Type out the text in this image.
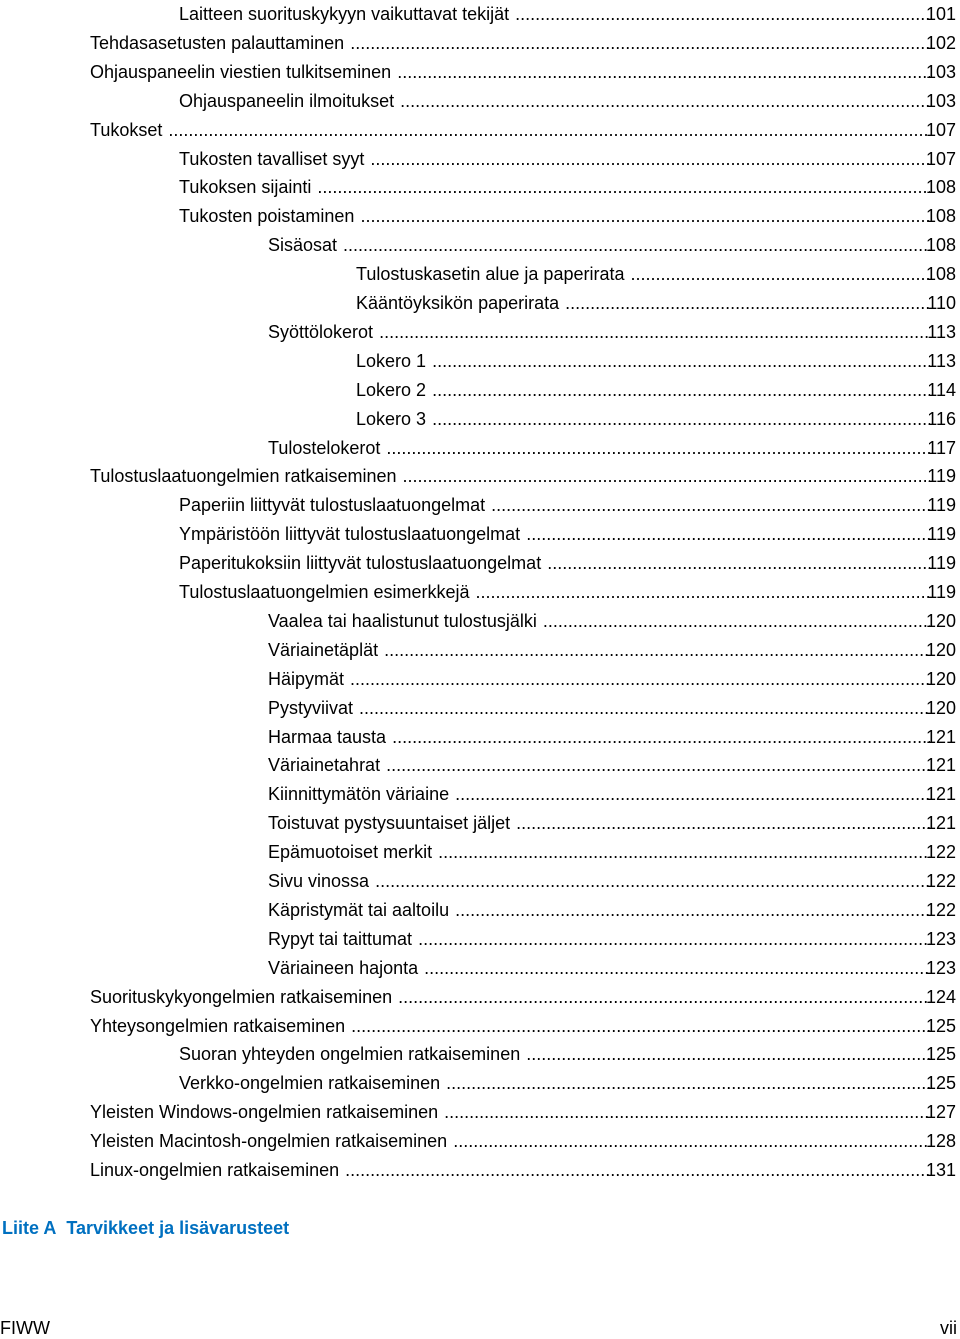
Laitteen suorituskykyyn vaikuttavat tekijät .....	101
Tehdasasetusten palauttaminen .....	102
Ohjauspaneelin viestien tulkitseminen .....	103
Ohjauspaneelin ilmoitukset .....	103
Tukokset .....	107
Tukosten tavalliset syyt .....	107
Tukoksen sijainti .....	108
Tukosten poistaminen .....	108
Sisäosat .....	108
Tulostuskasetin alue ja paperirata .....	108
Kääntöyksikön paperirata .....	110
Syöttölokerot .....	113
Lokero 1 .....	113
Lokero 2 .....	114
Lokero 3 .....	116
Tulostelokerot .....	117
Tulostuslaatuongelmien ratkaiseminen .....	119
Paperiin liittyvät tulostuslaatuongelmat .....	119
Ympäristöön liittyvät tulostuslaatuongelmat .....	119
Paperitukoksiin liittyvät tulostuslaatuongelmat .....	119
Tulostuslaatuongelmien esimerkkejä .....	119
Vaalea tai haalistunut tulostusjälki .....	120
Väriainetäplät .....	120
Häipymät .....	120
Pystyviivat .....	120
Harmaa tausta .....	121
Väriainetahrat .....	121
Kiinnittymätön väriaine .....	121
Toistuvat pystysuuntaiset jäljet .....	121
Epämuotoiset merkit .....	122
Sivu vinossa .....	122
Käpristymät tai aaltoilu .....	122
Rypyt tai taittumat .....	123
Väriaineen hajonta .....	123
Suorituskykyongelmien ratkaiseminen .....	124
Yhteysongelmien ratkaiseminen .....	125
Suoran yhteyden ongelmien ratkaiseminen .....	125
Verkko-ongelmien ratkaiseminen .....	125
Yleisten Windows-ongelmien ratkaiseminen .....	127
Yleisten Macintosh-ongelmien ratkaiseminen .....	128
Linux-ongelmien ratkaiseminen .....	131
Liite A Tarvikkeet ja lisävarusteet
FIWW	vii
